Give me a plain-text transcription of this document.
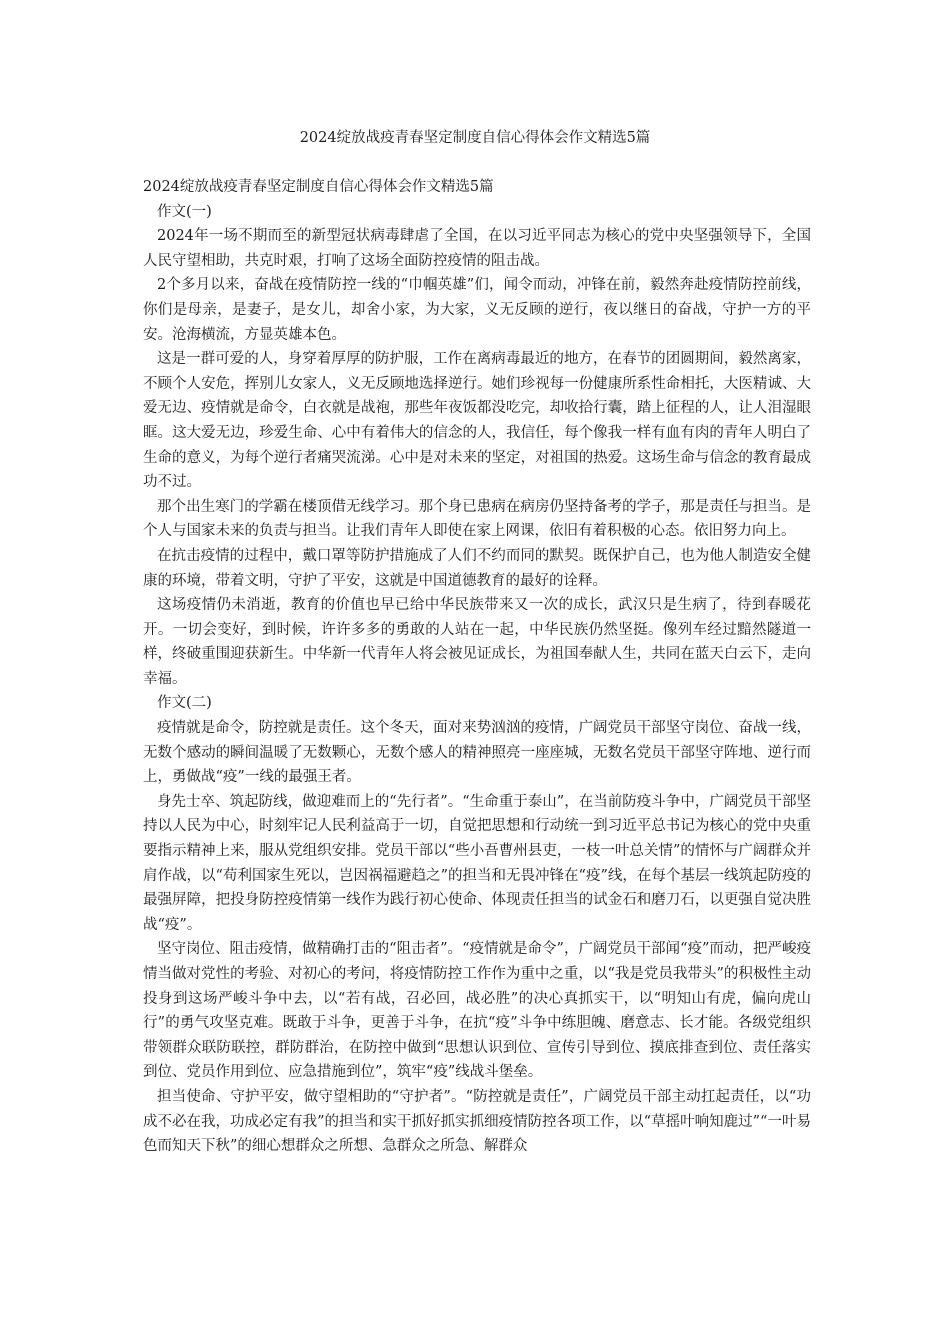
2024绽放战疫青春坚定制度自信心得体会作文精选5篇

2024绽放战疫青春坚定制度自信心得体会作文精选5篇

作文(一)

2024年一场不期而至的新型冠状病毒肆虐了全国，在以习近平同志为核心的党中央坚强领导下，全国人民守望相助，共克时艰，打响了这场全面防控疫情的阻击战。

2个多月以来，奋战在疫情防控一线的“巾帼英雄”们，闻令而动，冲锋在前，毅然奔赴疫情防控前线，你们是母亲，是妻子，是女儿，却舍小家，为大家，义无反顾的逆行，夜以继日的奋战，守护一方的平安。沧海横流，方显英雄本色。

这是一群可爱的人，身穿着厚厚的防护服，工作在离病毒最近的地方，在春节的团圆期间，毅然离家，不顾个人安危，挥别儿女家人，义无反顾地选择逆行。她们珍视每一份健康所系性命相托，大医精诚、大爱无边、疫情就是命令，白衣就是战袍，那些年夜饭都没吃完，却收拾行囊，踏上征程的人，让人泪湿眼眶。这大爱无边，珍爱生命、心中有着伟大的信念的人，我信任，每个像我一样有血有肉的青年人明白了生命的意义，为每个逆行者痛哭流涕。心中是对未来的坚定，对祖国的热爱。这场生命与信念的教育最成功不过。

那个出生寒门的学霸在楼顶借无线学习。那个身已患病在病房仍坚持备考的学子，那是责任与担当。是个人与国家未来的负责与担当。让我们青年人即使在家上网课，依旧有着积极的心态。依旧努力向上。

在抗击疫情的过程中，戴口罩等防护措施成了人们不约而同的默契。既保护自己，也为他人制造安全健康的环境，带着文明，守护了平安，这就是中国道德教育的最好的诠释。

这场疫情仍未消逝，教育的价值也早已给中华民族带来又一次的成长，武汉只是生病了，待到春暖花开。一切会变好，到时候，许许多多的勇敢的人站在一起，中华民族仍然坚挺。像列车经过黯然隧道一样，终破重围迎获新生。中华新一代青年人将会被见证成长，为祖国奉献人生，共同在蓝天白云下，走向幸福。

作文(二)

疫情就是命令，防控就是责任。这个冬天，面对来势汹汹的疫情，广阔党员干部坚守岗位、奋战一线，无数个感动的瞬间温暖了无数颗心，无数个感人的精神照亮一座座城，无数名党员干部坚守阵地、逆行而上，勇做战“疫”一线的最强王者。

身先士卒、筑起防线，做迎难而上的“先行者”。“生命重于泰山”，在当前防疫斗争中，广阔党员干部坚持以人民为中心，时刻牢记人民利益高于一切，自觉把思想和行动统一到习近平总书记为核心的党中央重要指示精神上来，服从党组织安排。党员干部以“些小吾曹州县吏，一枝一叶总关情”的情怀与广阔群众并肩作战，以“苟利国家生死以，岂因祸福避趋之”的担当和无畏冲锋在“疫”线，在每个基层一线筑起防疫的最强屏障，把投身防控疫情第一线作为践行初心使命、体现责任担当的试金石和磨刀石，以更强自觉决胜战“疫”。

坚守岗位、阻击疫情，做精确打击的“阻击者”。“疫情就是命令”，广阔党员干部闻“疫”而动，把严峻疫情当做对党性的考验、对初心的考问，将疫情防控工作作为重中之重，以“我是党员我带头”的积极性主动投身到这场严峻斗争中去，以“若有战，召必回，战必胜”的决心真抓实干，以“明知山有虎，偏向虎山行”的勇气攻坚克难。既敢于斗争，更善于斗争，在抗“疫”斗争中练胆魄、磨意志、长才能。各级党组织带领群众联防联控，群防群治，在防控中做到“思想认识到位、宣传引导到位、摸底排查到位、责任落实到位、党员作用到位、应急措施到位”，筑牢“疫”线战斗堡垒。

担当使命、守护平安，做守望相助的“守护者”。“防控就是责任”，广阔党员干部主动扛起责任，以“功成不必在我，功成必定有我”的担当和实干抓好抓实抓细疫情防控各项工作，以“草摇叶响知鹿过”“一叶易色而知天下秋”的细心想群众之所想、急群众之所急、解群众
